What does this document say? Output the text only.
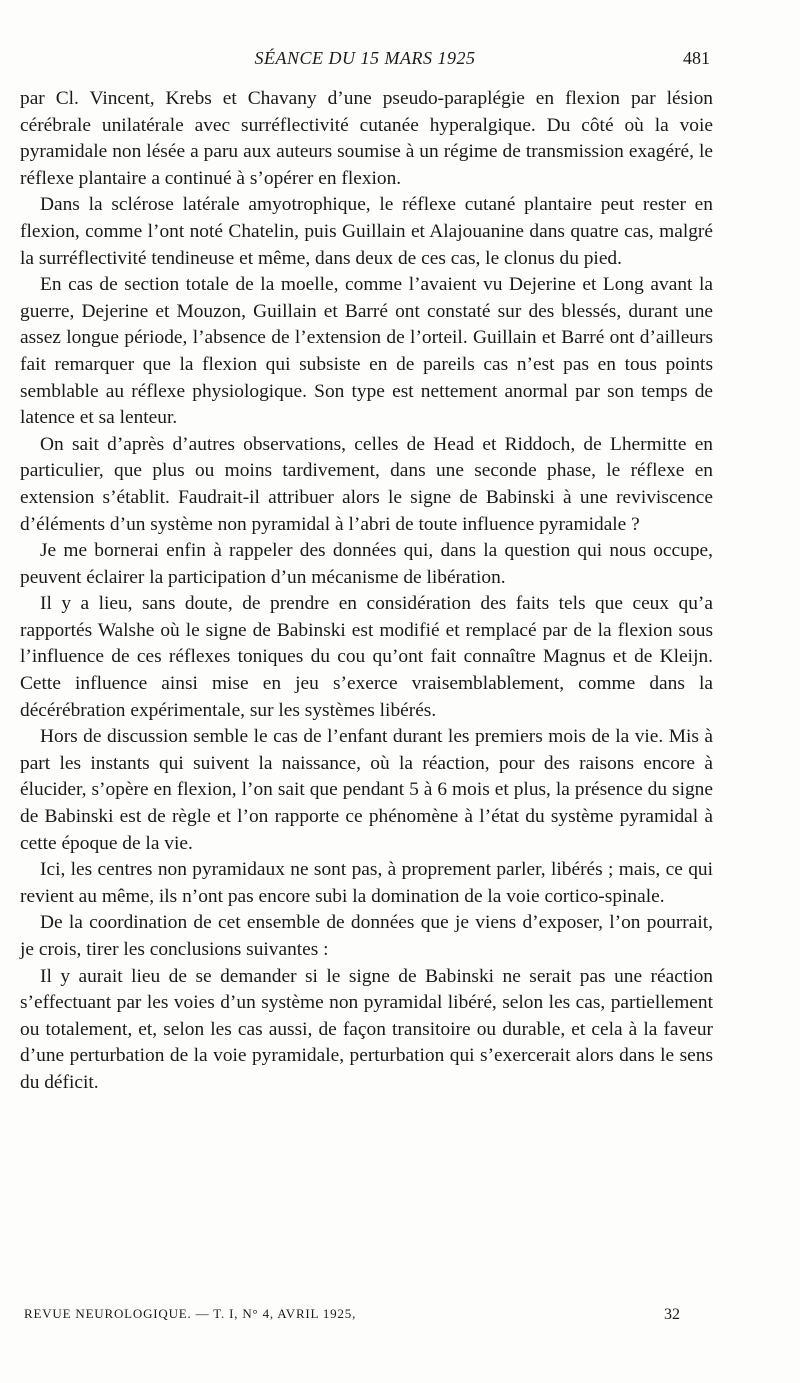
SÉANCE DU 15 MARS 1925	481

par Cl. Vincent, Krebs et Chavany d’une pseudo-paraplégie en flexion par lésion cérébrale unilatérale avec surréflectivité cutanée hyperalgique. Du côté où la voie pyramidale non lésée a paru aux auteurs soumise à un régime de transmission exagéré, le réflexe plantaire a continué à s’opérer en flexion.

Dans la sclérose latérale amyotrophique, le réflexe cutané plantaire peut rester en flexion, comme l’ont noté Chatelin, puis Guillain et Alajouanine dans quatre cas, malgré la surréflectivité tendineuse et même, dans deux de ces cas, le clonus du pied.

En cas de section totale de la moelle, comme l’avaient vu Dejerine et Long avant la guerre, Dejerine et Mouzon, Guillain et Barré ont constaté sur des blessés, durant une assez longue période, l’absence de l’extension de l’orteil. Guillain et Barré ont d’ailleurs fait remarquer que la flexion qui subsiste en de pareils cas n’est pas en tous points semblable au réflexe physiologique. Son type est nettement anormal par son temps de latence et sa lenteur.

On sait d’après d’autres observations, celles de Head et Riddoch, de Lhermitte en particulier, que plus ou moins tardivement, dans une seconde phase, le réflexe en extension s’établit. Faudrait-il attribuer alors le signe de Babinski à une reviviscence d’éléments d’un système non pyramidal à l’abri de toute influence pyramidale ?

Je me bornerai enfin à rappeler des données qui, dans la question qui nous occupe, peuvent éclairer la participation d’un mécanisme de libération.

Il y a lieu, sans doute, de prendre en considération des faits tels que ceux qu’a rapportés Walshe où le signe de Babinski est modifié et remplacé par de la flexion sous l’influence de ces réflexes toniques du cou qu’ont fait connaître Magnus et de Kleijn. Cette influence ainsi mise en jeu s’exerce vraisemblablement, comme dans la décérébration expérimentale, sur les systèmes libérés.

Hors de discussion semble le cas de l’enfant durant les premiers mois de la vie. Mis à part les instants qui suivent la naissance, où la réaction, pour des raisons encore à élucider, s’opère en flexion, l’on sait que pendant 5 à 6 mois et plus, la présence du signe de Babinski est de règle et l’on rapporte ce phénomène à l’état du système pyramidal à cette époque de la vie.

Ici, les centres non pyramidaux ne sont pas, à proprement parler, libérés ; mais, ce qui revient au même, ils n’ont pas encore subi la domination de la voie cortico-spinale.

De la coordination de cet ensemble de données que je viens d’exposer, l’on pourrait, je crois, tirer les conclusions suivantes :

Il y aurait lieu de se demander si le signe de Babinski ne serait pas une réaction s’effectuant par les voies d’un système non pyramidal libéré, selon les cas, partiellement ou totalement, et, selon les cas aussi, de façon transitoire ou durable, et cela à la faveur d’une perturbation de la voie pyramidale, perturbation qui s’exercerait alors dans le sens du déficit.

REVUE NEUROLOGIQUE. — T. I, N° 4, AVRIL 1925,	32
